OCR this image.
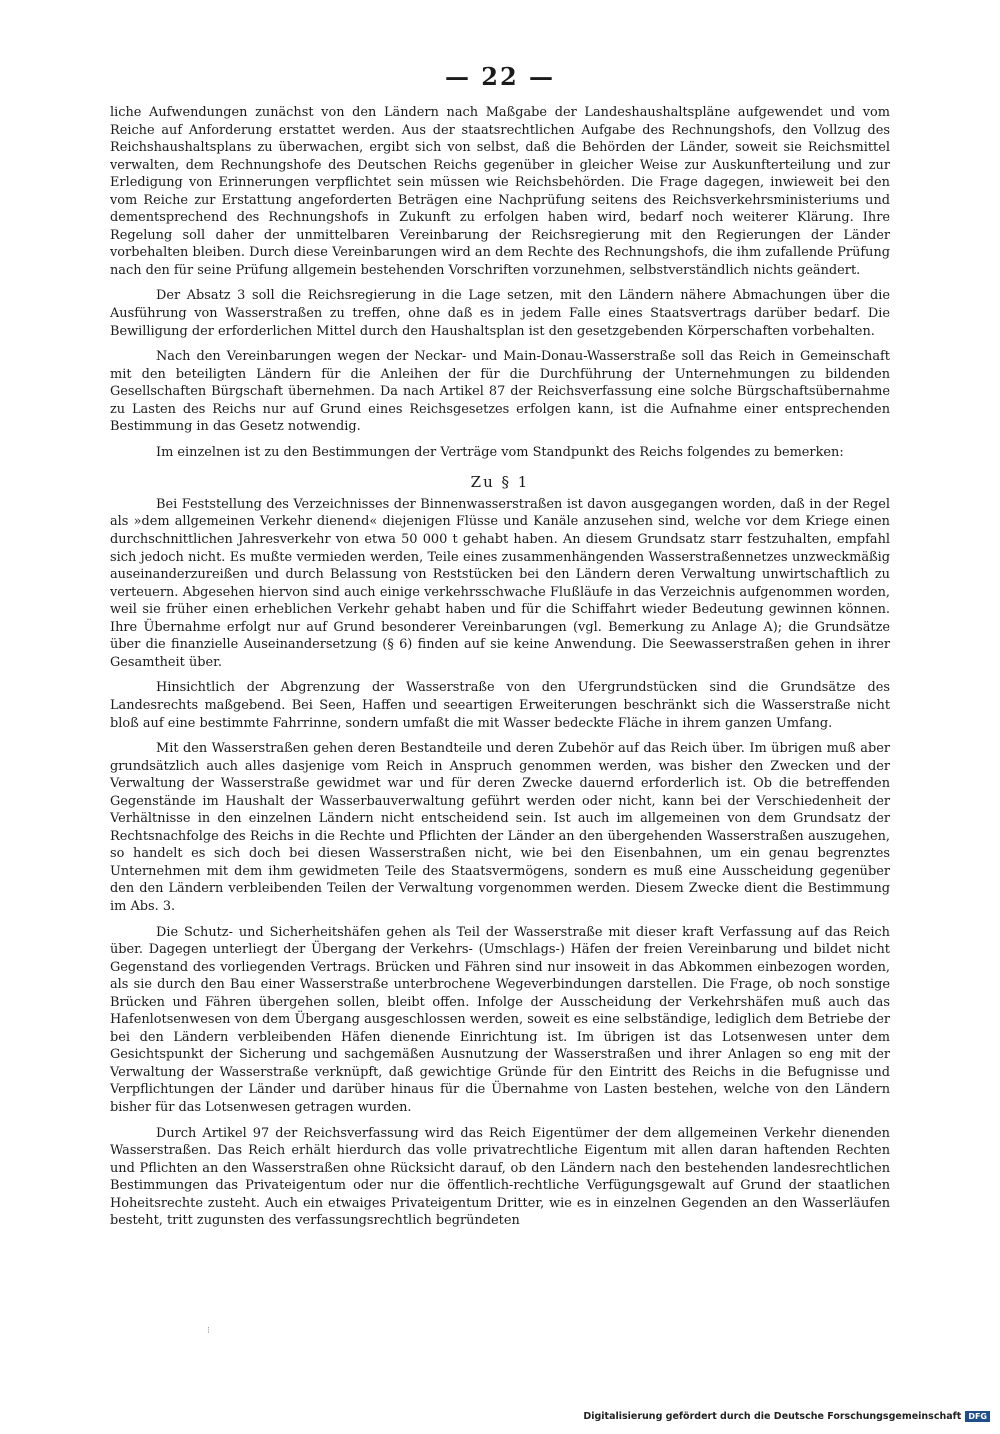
— 22 —

liche Aufwendungen zunächst von den Ländern nach Maßgabe der Landeshaushaltspläne aufgewendet und vom Reiche auf Anforderung erstattet werden. Aus der staatsrechtlichen Aufgabe des Rechnungshofs, den Vollzug des Reichshaushaltsplans zu überwachen, ergibt sich von selbst, daß die Behörden der Länder, soweit sie Reichsmittel verwalten, dem Rechnungshofe des Deutschen Reichs gegenüber in gleicher Weise zur Auskunfterteilung und zur Erledigung von Erinnerungen verpflichtet sein müssen wie Reichsbehörden. Die Frage dagegen, inwieweit bei den vom Reiche zur Erstattung angeforderten Beträgen eine Nachprüfung seitens des Reichsverkehrsministeriums und dementsprechend des Rechnungshofs in Zukunft zu erfolgen haben wird, bedarf noch weiterer Klärung. Ihre Regelung soll daher der unmittelbaren Vereinbarung der Reichsregierung mit den Regierungen der Länder vorbehalten bleiben. Durch diese Vereinbarungen wird an dem Rechte des Rechnungshofs, die ihm zufallende Prüfung nach den für seine Prüfung allgemein bestehenden Vorschriften vorzunehmen, selbstverständlich nichts geändert.

Der Absatz 3 soll die Reichsregierung in die Lage setzen, mit den Ländern nähere Abmachungen über die Ausführung von Wasserstraßen zu treffen, ohne daß es in jedem Falle eines Staatsvertrags darüber bedarf. Die Bewilligung der erforderlichen Mittel durch den Haushaltsplan ist den gesetzgebenden Körperschaften vorbehalten.

Nach den Vereinbarungen wegen der Neckar- und Main-Donau-Wasserstraße soll das Reich in Gemeinschaft mit den beteiligten Ländern für die Anleihen der für die Durchführung der Unternehmungen zu bildenden Gesellschaften Bürgschaft übernehmen. Da nach Artikel 87 der Reichsverfassung eine solche Bürgschaftsübernahme zu Lasten des Reichs nur auf Grund eines Reichsgesetzes erfolgen kann, ist die Aufnahme einer entsprechenden Bestimmung in das Gesetz notwendig.

Im einzelnen ist zu den Bestimmungen der Verträge vom Standpunkt des Reichs folgendes zu bemerken:

Zu § 1

Bei Feststellung des Verzeichnisses der Binnenwasserstraßen ist davon ausgegangen worden, daß in der Regel als »dem allgemeinen Verkehr dienend« diejenigen Flüsse und Kanäle anzusehen sind, welche vor dem Kriege einen durchschnittlichen Jahresverkehr von etwa 50 000 t gehabt haben. An diesem Grundsatz starr festzuhalten, empfahl sich jedoch nicht. Es mußte vermieden werden, Teile eines zusammenhängenden Wasserstraßennetzes unzweckmäßig auseinanderzureißen und durch Belassung von Reststücken bei den Ländern deren Verwaltung unwirtschaftlich zu verteuern. Abgesehen hiervon sind auch einige verkehrsschwache Flußläufe in das Verzeichnis aufgenommen worden, weil sie früher einen erheblichen Verkehr gehabt haben und für die Schiffahrt wieder Bedeutung gewinnen können. Ihre Übernahme erfolgt nur auf Grund besonderer Vereinbarungen (vgl. Bemerkung zu Anlage A); die Grundsätze über die finanzielle Auseinandersetzung (§ 6) finden auf sie keine Anwendung. Die Seewasserstraßen gehen in ihrer Gesamtheit über.

Hinsichtlich der Abgrenzung der Wasserstraße von den Ufergrundstücken sind die Grundsätze des Landesrechts maßgebend. Bei Seen, Haffen und seeartigen Erweiterungen beschränkt sich die Wasserstraße nicht bloß auf eine bestimmte Fahrrinne, sondern umfaßt die mit Wasser bedeckte Fläche in ihrem ganzen Umfang.

Mit den Wasserstraßen gehen deren Bestandteile und deren Zubehör auf das Reich über. Im übrigen muß aber grundsätzlich auch alles dasjenige vom Reich in Anspruch genommen werden, was bisher den Zwecken und der Verwaltung der Wasserstraße gewidmet war und für deren Zwecke dauernd erforderlich ist. Ob die betreffenden Gegenstände im Haushalt der Wasserbauverwaltung geführt werden oder nicht, kann bei der Verschiedenheit der Verhältnisse in den einzelnen Ländern nicht entscheidend sein. Ist auch im allgemeinen von dem Grundsatz der Rechtsnachfolge des Reichs in die Rechte und Pflichten der Länder an den übergehenden Wasserstraßen auszugehen, so handelt es sich doch bei diesen Wasserstraßen nicht, wie bei den Eisenbahnen, um ein genau begrenztes Unternehmen mit dem ihm gewidmeten Teile des Staatsvermögens, sondern es muß eine Ausscheidung gegenüber den den Ländern verbleibenden Teilen der Verwaltung vorgenommen werden. Diesem Zwecke dient die Bestimmung im Abs. 3.

Die Schutz- und Sicherheitshäfen gehen als Teil der Wasserstraße mit dieser kraft Verfassung auf das Reich über. Dagegen unterliegt der Übergang der Verkehrs- (Umschlags-) Häfen der freien Vereinbarung und bildet nicht Gegenstand des vorliegenden Vertrags. Brücken und Fähren sind nur insoweit in das Abkommen einbezogen worden, als sie durch den Bau einer Wasserstraße unterbrochene Wegeverbindungen darstellen. Die Frage, ob noch sonstige Brücken und Fähren übergehen sollen, bleibt offen. Infolge der Ausscheidung der Verkehrshäfen muß auch das Hafenlotsenwesen von dem Übergang ausgeschlossen werden, soweit es eine selbständige, lediglich dem Betriebe der bei den Ländern verbleibenden Häfen dienende Einrichtung ist. Im übrigen ist das Lotsenwesen unter dem Gesichtspunkt der Sicherung und sachgemäßen Ausnutzung der Wasserstraßen und ihrer Anlagen so eng mit der Verwaltung der Wasserstraße verknüpft, daß gewichtige Gründe für den Eintritt des Reichs in die Befugnisse und Verpflichtungen der Länder und darüber hinaus für die Übernahme von Lasten bestehen, welche von den Ländern bisher für das Lotsenwesen getragen wurden.

Durch Artikel 97 der Reichsverfassung wird das Reich Eigentümer der dem allgemeinen Verkehr dienenden Wasserstraßen. Das Reich erhält hierdurch das volle privatrechtliche Eigentum mit allen daran haftenden Rechten und Pflichten an den Wasserstraßen ohne Rücksicht darauf, ob den Ländern nach den bestehenden landesrechtlichen Bestimmungen das Privateigentum oder nur die öffentlich-rechtliche Verfügungsgewalt auf Grund der staatlichen Hoheitsrechte zusteht. Auch ein etwaiges Privateigentum Dritter, wie es in einzelnen Gegenden an den Wasserläufen besteht, tritt zugunsten des verfassungsrechtlich begründeten

⁝
Digitalisierung gefördert durch die Deutsche Forschungsgemeinschaft DFG
